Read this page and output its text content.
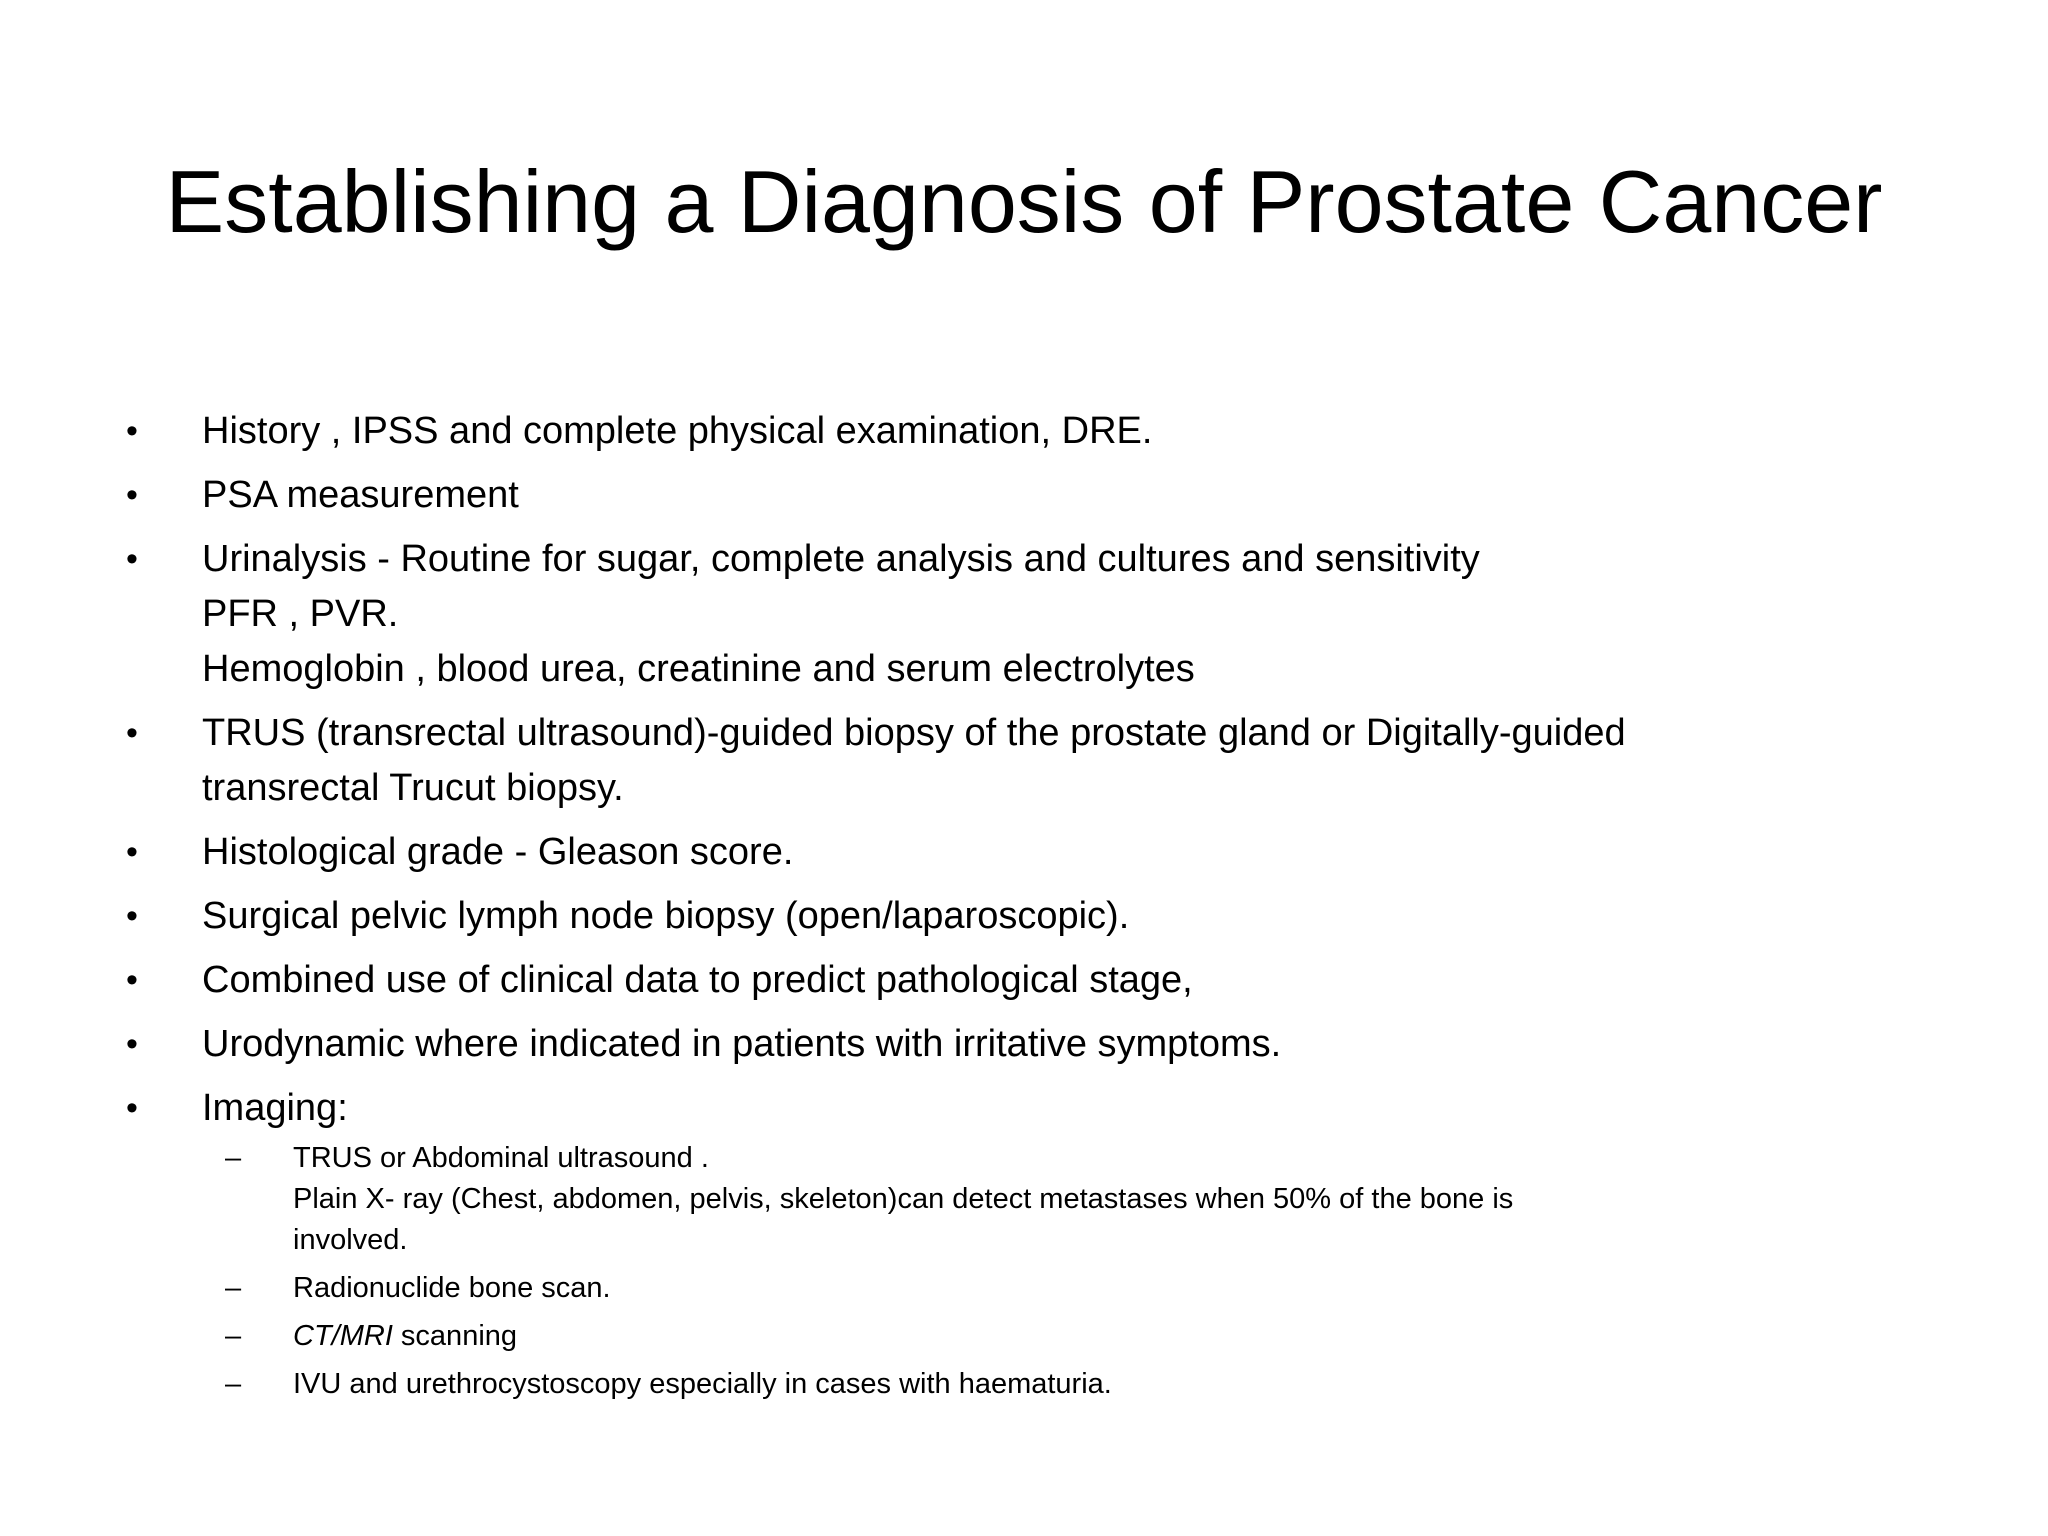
Establishing a Diagnosis of Prostate Cancer
• History , IPSS and complete physical examination, DRE.
• PSA measurement
• Urinalysis - Routine for sugar, complete analysis and cultures and sensitivity
PFR , PVR.
Hemoglobin , blood urea, creatinine and serum electrolytes
• TRUS (transrectal ultrasound)-guided biopsy of the prostate gland or Digitally-guided
transrectal Trucut biopsy.
• Histological grade - Gleason score.
• Surgical pelvic lymph node biopsy (open/laparoscopic).
• Combined use of clinical data to predict pathological stage,
• Urodynamic where indicated in patients with irritative symptoms.
• Imaging:
– TRUS or Abdominal ultrasound .
Plain X- ray (Chest, abdomen, pelvis, skeleton)can detect metastases when 50% of the bone is
involved.
– Radionuclide bone scan.
– CT/MRI scanning
– IVU and urethrocystoscopy especially in cases with haematuria.
